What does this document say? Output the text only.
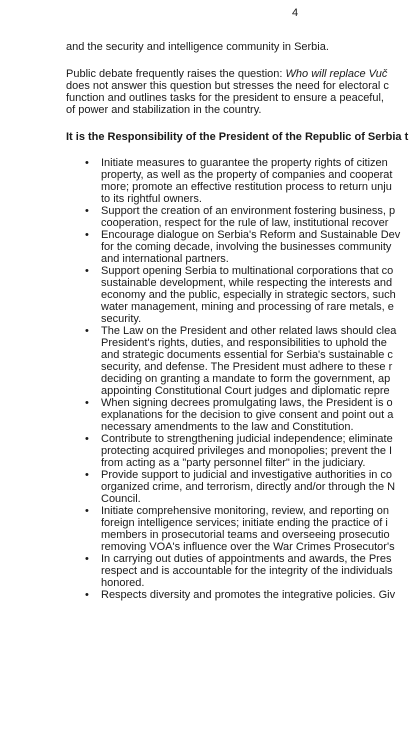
4

and the security and intelligence community in Serbia.

Public debate frequently raises the question: Who will replace Vuč
does not answer this question but stresses the need for electoral c
function and outlines tasks for the president to ensure a peaceful,
of power and stabilization in the country.

It is the Responsibility of the President of the Republic of Serbia t

• Initiate measures to guarantee the property rights of citizen
property, as well as the property of companies and cooperat
more; promote an effective restitution process to return unju
to its rightful owners.
• Support the creation of an environment fostering business, p
cooperation, respect for the rule of law, institutional recover
• Encourage dialogue on Serbia's Reform and Sustainable Dev
for the coming decade, involving the businesses community
and international partners.
• Support opening Serbia to multinational corporations that co
sustainable development, while respecting the interests and
economy and the public, especially in strategic sectors, such
water management, mining and processing of rare metals, e
security.
• The Law on the President and other related laws should clea
President's rights, duties, and responsibilities to uphold the
and strategic documents essential for Serbia's sustainable c
security, and defense. The President must adhere to these r
deciding on granting a mandate to form the government, ap
appointing Constitutional Court judges and diplomatic repre
• When signing decrees promulgating laws, the President is o
explanations for the decision to give consent and point out a
necessary amendments to the law and Constitution.
• Contribute to strengthening judicial independence; eliminate
protecting acquired privileges and monopolies; prevent the I
from acting as a "party personnel filter" in the judiciary.
• Provide support to judicial and investigative authorities in co
organized crime, and terrorism, directly and/or through the N
Council.
• Initiate comprehensive monitoring, review, and reporting on
foreign intelligence services; initiate ending the practice of i
members in prosecutorial teams and overseeing prosecutio
removing VOA's influence over the War Crimes Prosecutor's
• In carrying out duties of appointments and awards, the Pres
respect and is accountable for the integrity of the individuals
honored.
• Respects diversity and promotes the integrative policies. Giv
